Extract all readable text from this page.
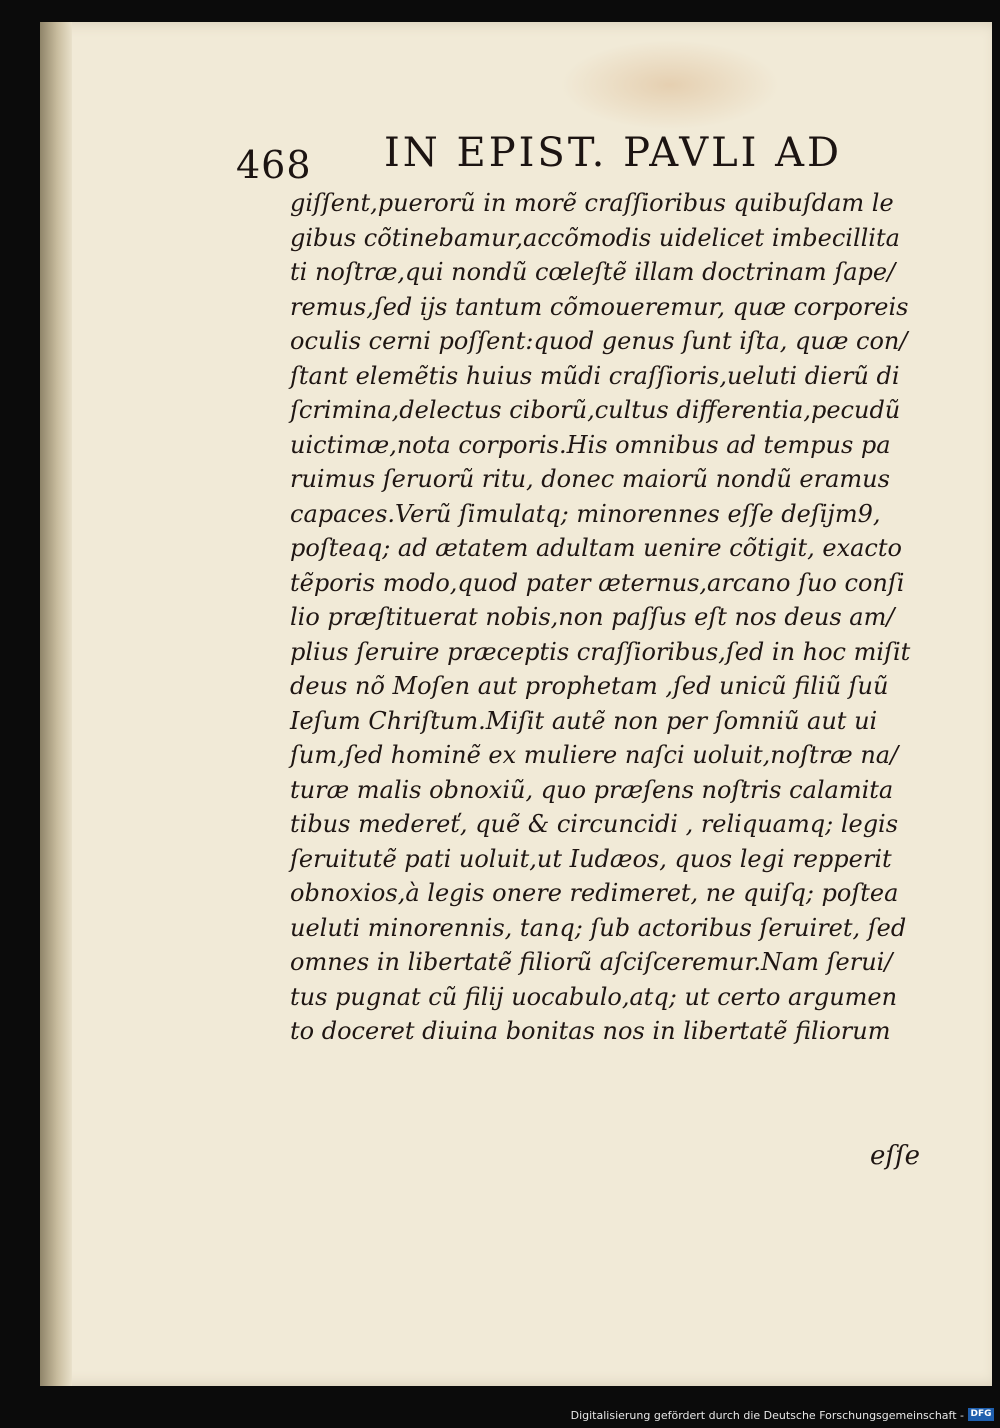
468 IN EPIST. PAVLI AD
giſſent,puerorũ in morẽ craſſioribus quibuſdam le
gibus cõtinebamur,accõmodis uidelicet imbecillita
ti noſtræ,qui nondũ cœleſtẽ illam doctrinam ſape/
remus,ſed ijs tantum cõmoueremur, quæ corporeis
oculis cerni poſſent:quod genus ſunt iſta, quæ con/
ſtant elemẽtis huius mũdi craſſioris,ueluti dierũ di
ſcrimina,delectus ciborũ,cultus differentia,pecudũ
uictimæ,nota corporis.His omnibus ad tempus pa
ruimus ſeruorũ ritu, donec maiorũ nondũ eramus
capaces.Verũ ſimulatq; minorennes eſſe deſijm9,
poſteaq; ad ætatem adultam uenire cõtigit, exacto
tẽporis modo,quod pater æternus,arcano ſuo conſi
lio præſtituerat nobis,non paſſus eſt nos deus am/
plius ſeruire præceptis craſſioribus,ſed in hoc miſit
deus nõ Moſen aut prophetam ,ſed unicũ filiũ ſuũ
Ieſum Chriſtum.Miſit autẽ non per ſomniũ aut ui
ſum,ſed hominẽ ex muliere naſci uoluit,noſtræ na/
turæ malis obnoxiũ, quo præſens noſtris calamita
tibus medereť, quẽ & circuncidi , reliquamq; legis
ſeruitutẽ pati uoluit,ut Iudæos, quos legi repperit
obnoxios,à legis onere redimeret, ne quiſq; poſtea
ueluti minorennis, tanq; ſub actoribus ſeruiret, ſed
omnes in libertatẽ filiorũ aſciſceremur.Nam ſerui/
tus pugnat cũ filij uocabulo,atq; ut certo argumen
to doceret diuina bonitas nos in libertatẽ filiorum
eſſe
Digitalisierung gefördert durch die Deutsche Forschungsgemeinschaft - DFG
